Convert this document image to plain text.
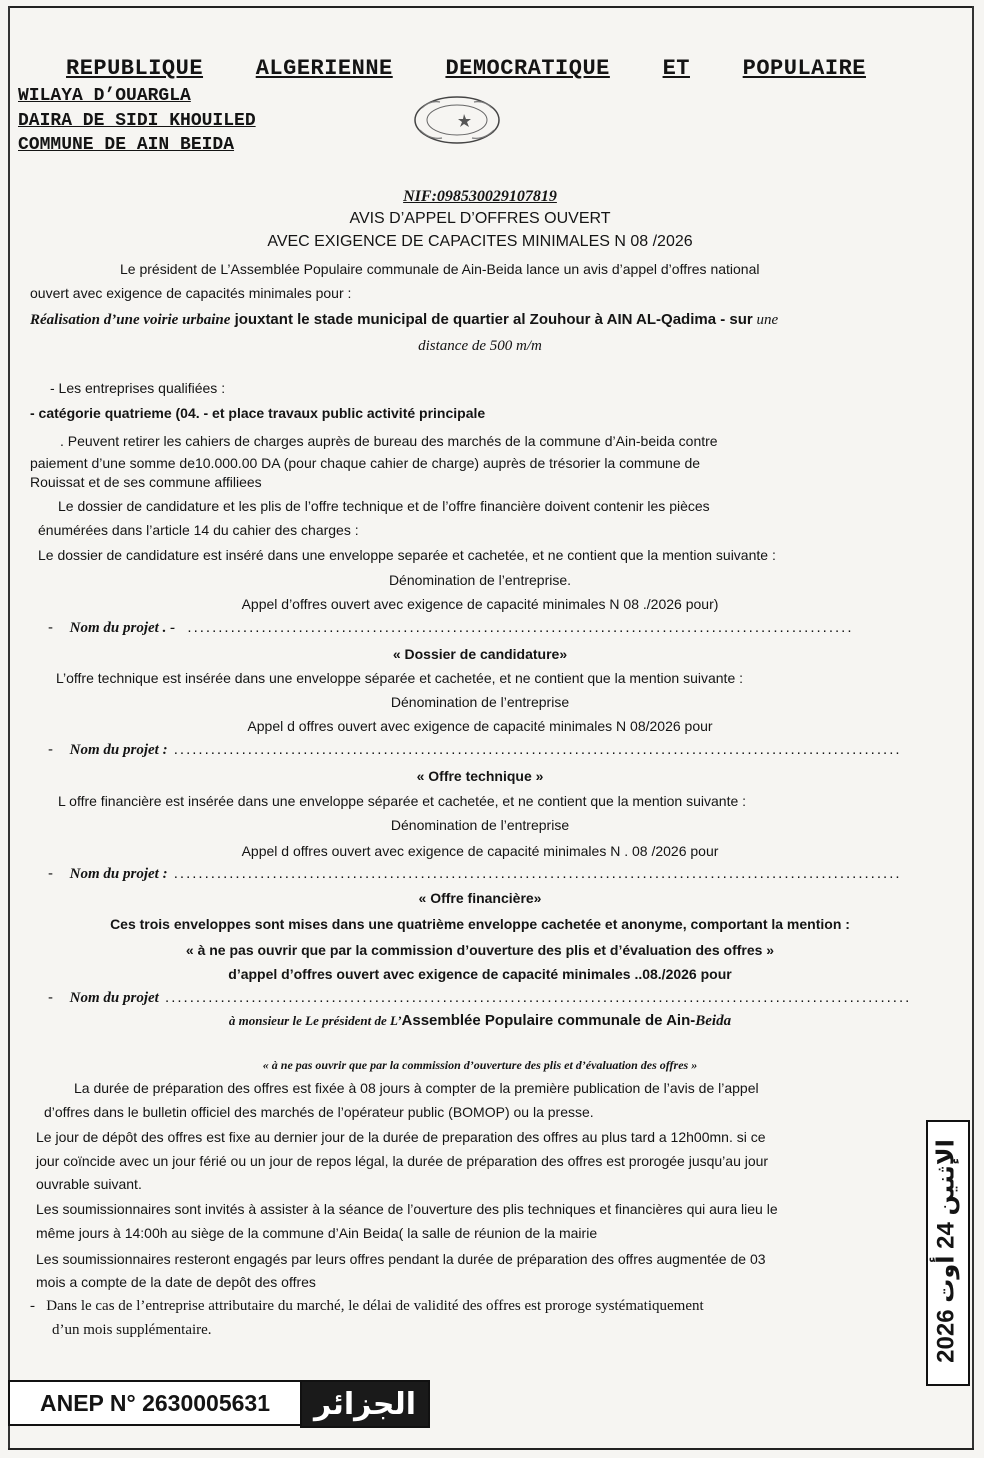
REPUBLIQUE ALGERIENNE DEMOCRATIQUE ET POPULAIRE
WILAYA D’OUARGLA
DAIRA DE SIDI KHOUILED
COMMUNE DE AIN BEIDA
NIF:098530029107819
AVIS D’APPEL D’OFFRES OUVERT
AVEC EXIGENCE DE CAPACITES MINIMALES N 08 /2026
Le président de L’Assemblée Populaire communale de Ain-Beida lance un avis d’appel d’offres national
ouvert avec exigence de capacités minimales pour :
Réalisation d’une voirie urbaine jouxtant le stade municipal de quartier al Zouhour à AIN AL-Qadima - sur une
distance de 500 m/m
- Les entreprises qualifiées :
- catégorie quatrieme (04. - et place travaux public activité principale
. Peuvent retirer les cahiers de charges auprès de bureau des marchés de la commune d’Ain-beida contre
paiement d’une somme de10.000.00 DA (pour chaque cahier de charge) auprès de trésorier la commune de
Rouissat et de ses commune affiliees
Le dossier de candidature et les plis de l’offre technique et de l’offre financière doivent contenir les pièces
énumérées dans l’article 14 du cahier des charges :
Le dossier de candidature est inséré dans une enveloppe separée et cachetée, et ne contient que la mention suivante :
Dénomination de l’entreprise.
Appel d’offres ouvert avec exigence de capacité minimales N 08 ./2026 pour)
-    Nom du projet . -  ............................................................................................................
« Dossier de candidature»
L’offre technique est insérée dans une enveloppe séparée et cachetée, et ne contient que la mention suivante :
Dénomination de l’entreprise
Appel d offres ouvert avec exigence de capacité minimales N 08/2026 pour
-    Nom du projet : ......................................................................................................................
« Offre technique »
L offre financière est insérée dans une enveloppe séparée et cachetée, et ne contient que la mention suivante :
Dénomination de l’entreprise
Appel d offres ouvert avec exigence de capacité minimales N . 08 /2026 pour
-    Nom du projet : ......................................................................................................................
« Offre financière»
Ces trois enveloppes sont mises dans une quatrième enveloppe cachetée et anonyme, comportant la mention :
« à ne pas ouvrir que par la commission d’ouverture des plis et d’évaluation des offres »
d’appel d’offres ouvert avec exigence de capacité minimales ..08./2026 pour
-    Nom du projet .........................................................................................................................
à monsieur le Le président de L’Assemblée Populaire communale de Ain-Beida
« à ne pas ouvrir que par la commission d’ouverture des plis et d’évaluation des offres »
La durée de préparation des offres est fixée à 08 jours à compter de la première publication de l’avis de l’appel
d’offres dans le bulletin officiel des marchés de l’opérateur public (BOMOP) ou la presse.
Le jour de dépôt des offres est fixe au dernier jour de la durée de preparation des offres au plus tard a 12h00mn. si ce
jour coïncide avec un jour férié ou un jour de repos légal, la durée de préparation des offres est prorogée jusqu’au jour
ouvrable suivant.
Les soumissionnaires sont invités à assister à la séance de l’ouverture des plis techniques et financières qui aura lieu le
même jours à 14:00h au siège de la commune d’Ain Beida( la salle de réunion de la mairie
Les soumissionnaires resteront engagés par leurs offres pendant la durée de préparation des offres augmentée de 03
mois a compte de la date de depôt des offres
-   Dans le cas de l’entreprise attributaire du marché, le délai de validité des offres est proroge systématiquement
d’un mois supplémentaire.
ANEP N° 2630005631	الجزائر
الإثنين 24 أوت 2026
